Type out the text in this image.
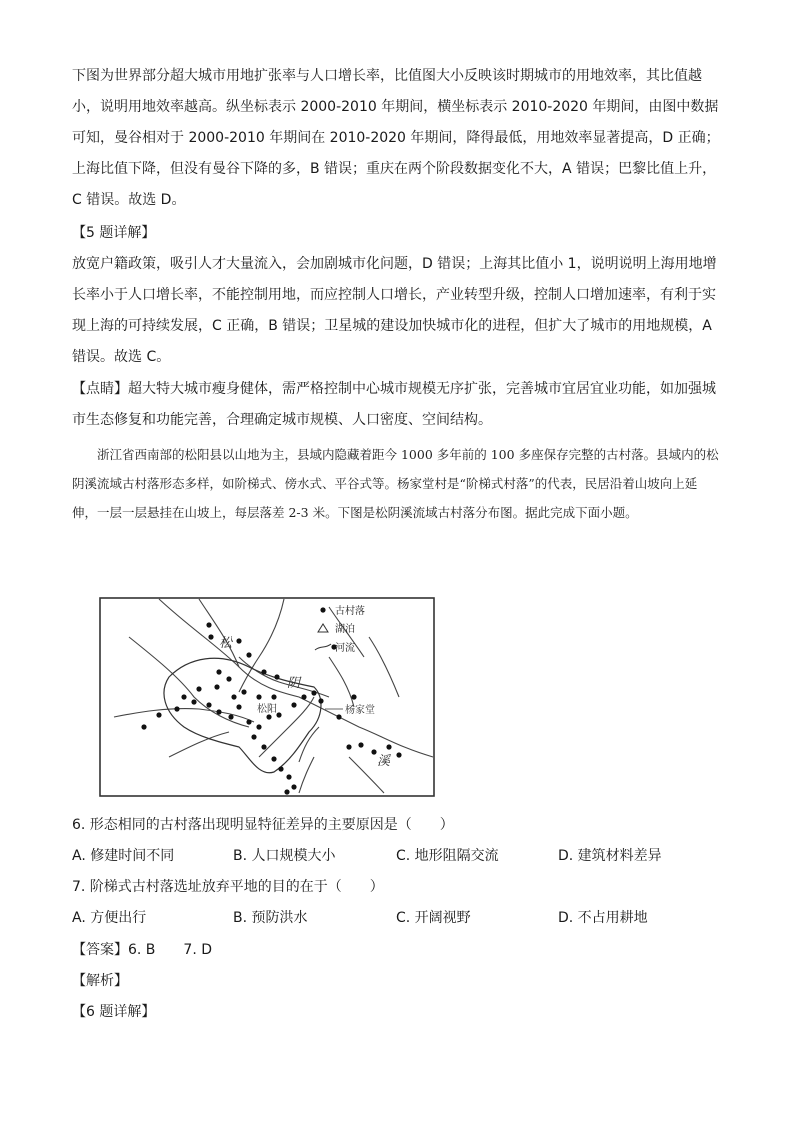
下图为世界部分超大城市用地扩张率与人口增长率，比值图大小反映该时期城市的用地效率，其比值越小，说明用地效率越高。纵坐标表示 2000-2010 年期间，横坐标表示 2010-2020 年期间，由图中数据可知，曼谷相对于 2000-2010 年期间在 2010-2020 年期间，降得最低，用地效率显著提高，D 正确；上海比值下降，但没有曼谷下降的多，B 错误；重庆在两个阶段数据变化不大，A 错误；巴黎比值上升，C 错误。故选 D。

【5 题详解】

放宽户籍政策，吸引人才大量流入，会加剧城市化问题，D 错误；上海其比值小 1，说明说明上海用地增长率小于人口增长率，不能控制用地，而应控制人口增长，产业转型升级，控制人口增加速率，有利于实现上海的可持续发展，C 正确，B 错误；卫星城的建设加快城市化的进程，但扩大了城市的用地规模，A 错误。故选 C。

【点睛】超大特大城市瘦身健体，需严格控制中心城市规模无序扩张，完善城市宜居宜业功能，如加强城市生态修复和功能完善，合理确定城市规模、人口密度、空间结构。

浙江省西南部的松阳县以山地为主，县域内隐藏着距今 1000 多年前的 100 多座保存完整的古村落。县域内的松阴溪流域古村落形态多样，如阶梯式、傍水式、平谷式等。杨家堂村是“阶梯式村落”的代表，民居沿着山坡向上延伸，一层一层悬挂在山坡上，每层落差 2-3 米。下图是松阴溪流域古村落分布图。据此完成下面小题。

古村落
湖泊
河流
松
阴
溪
松阳	杨家堂
6. 形态相同的古村落出现明显特征差异的主要原因是（　　）
A. 修建时间不同	B. 人口规模大小	C. 地形阻隔交流	D. 建筑材料差异
7. 阶梯式古村落选址放弃平地的目的在于（　　）
A. 方便出行	B. 预防洪水	C. 开阔视野	D. 不占用耕地
【答案】6. B　　7. D
【解析】
【6 题详解】
